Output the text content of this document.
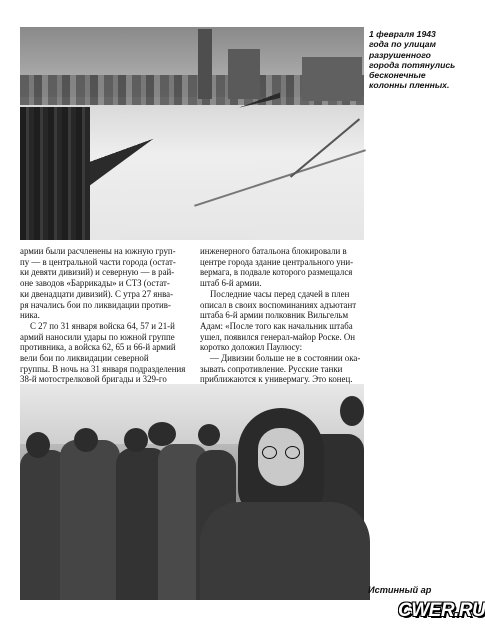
1 февраля 1943
года по улицам
разрушенного
города потянулись
бесконечные
колонны пленных.
армии были расчленены на южную груп-
пу — в центральной части города (остат-
ки девяти дивизий) и северную — в рай-
оне заводов «Баррикады» и СТЗ (остат-
ки двенадцати дивизий). С утра 27 янва-
ря начались бои по ликвидации против-
ника.
С 27 по 31 января войска 64, 57 и 21-й
армий наносили удары по южной группе
противника, а войска 62, 65 и 66-й армий
вели бои по ликвидации северной
группы. В ночь на 31 января подразделения
38-й мотострелковой бригады и 329-го
инженерного батальона блокировали в
центре города здание центрального уни-
вермага, в подвале которого размещался
штаб 6-й армии.
Последние часы перед сдачей в плен
описал в своих воспоминаниях адъютант
штаба 6-й армии полковник Вильгельм
Адам: «После того как начальник штаба
ушел, появился генерал-майор Роске. Он
коротко доложил Паулюсу:
— Дивизии больше не в состоянии ока-
зывать сопротивление. Русские танки
приближаются к универмагу. Это конец.
Истинный ар
CWER.RU
